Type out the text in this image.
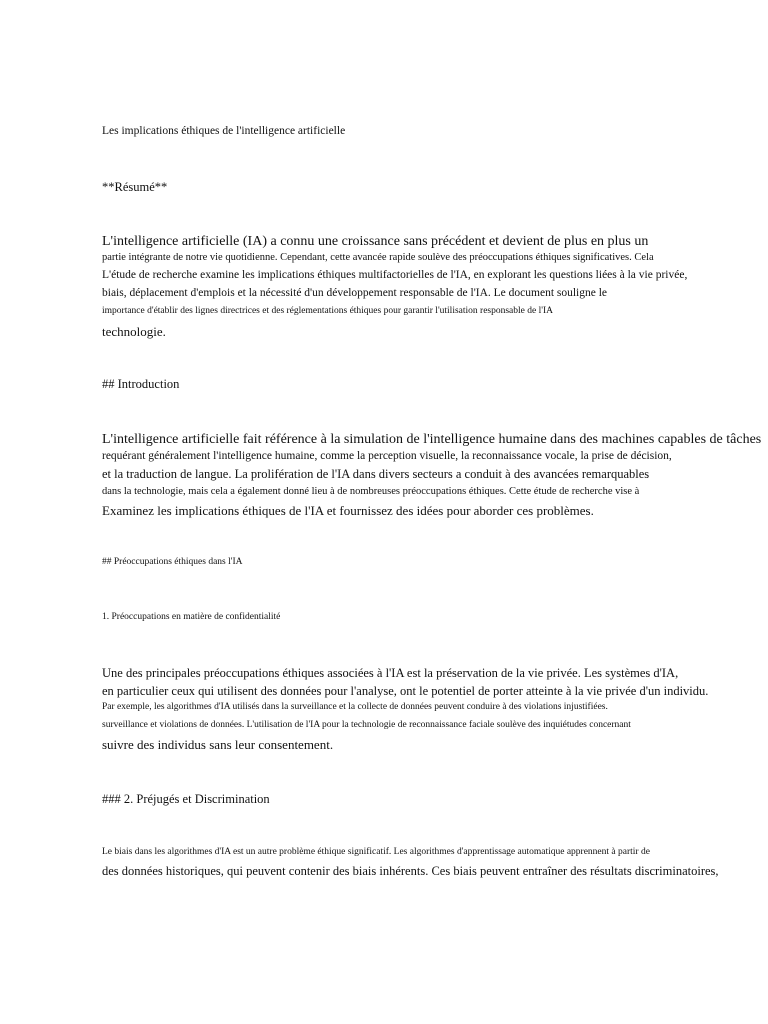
Les implications éthiques de l'intelligence artificielle
**Résumé**
L'intelligence artificielle (IA) a connu une croissance sans précédent et devient de plus en plus un
partie intégrante de notre vie quotidienne. Cependant, cette avancée rapide soulève des préoccupations éthiques significatives. Cela
L'étude de recherche examine les implications éthiques multifactorielles de l'IA, en explorant les questions liées à la vie privée,
biais, déplacement d'emplois et la nécessité d'un développement responsable de l'IA. Le document souligne le
importance d'établir des lignes directrices et des réglementations éthiques pour garantir l'utilisation responsable de l'IA
technologie.
## Introduction
L'intelligence artificielle fait référence à la simulation de l'intelligence humaine dans des machines capables de tâches
requérant généralement l'intelligence humaine, comme la perception visuelle, la reconnaissance vocale, la prise de décision,
et la traduction de langue. La prolifération de l'IA dans divers secteurs a conduit à des avancées remarquables
dans la technologie, mais cela a également donné lieu à de nombreuses préoccupations éthiques. Cette étude de recherche vise à
Examinez les implications éthiques de l'IA et fournissez des idées pour aborder ces problèmes.
## Préoccupations éthiques dans l'IA
1. Préoccupations en matière de confidentialité
Une des principales préoccupations éthiques associées à l'IA est la préservation de la vie privée. Les systèmes d'IA,
en particulier ceux qui utilisent des données pour l'analyse, ont le potentiel de porter atteinte à la vie privée d'un individu.
Par exemple, les algorithmes d'IA utilisés dans la surveillance et la collecte de données peuvent conduire à des violations injustifiées.
surveillance et violations de données. L'utilisation de l'IA pour la technologie de reconnaissance faciale soulève des inquiétudes concernant
suivre des individus sans leur consentement.
### 2. Préjugés et Discrimination
Le biais dans les algorithmes d'IA est un autre problème éthique significatif. Les algorithmes d'apprentissage automatique apprennent à partir de
des données historiques, qui peuvent contenir des biais inhérents. Ces biais peuvent entraîner des résultats discriminatoires,
